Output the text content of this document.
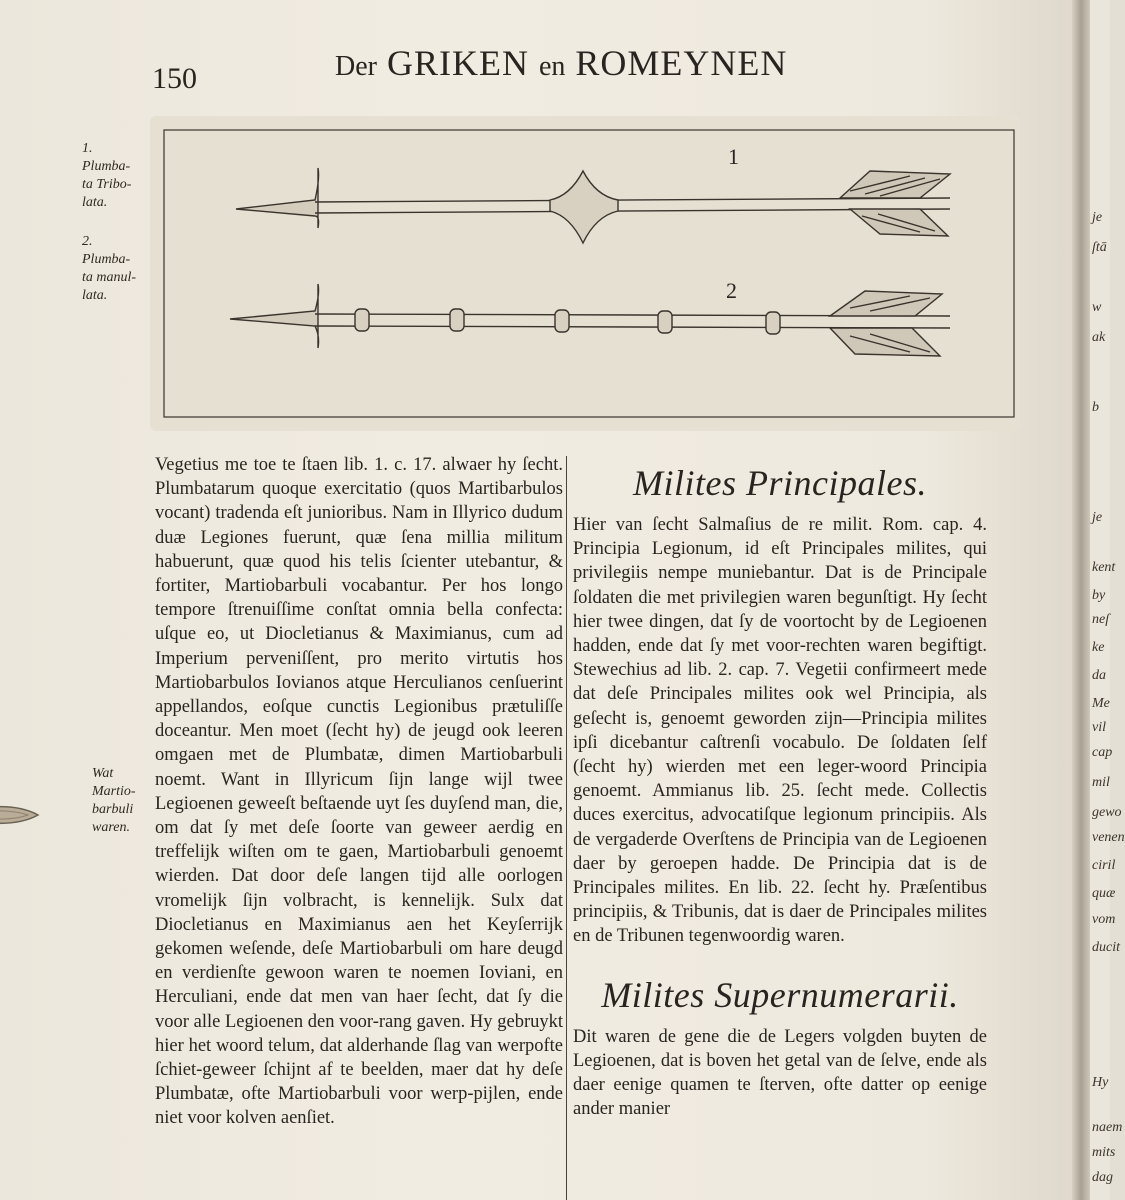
150	Der GRIKEN en ROMEYNEN
1
2
1.
Plumba-
ta Tribo-
lata.
2.
Plumba-
ta manul-
lata.
Wat
Martio-
barbuli
waren.

Vegetius me toe te ſtaen lib. 1. c. 17. alwaer hy ſecht. Plumbatarum quoque exercitatio (quos Martibarbulos vocant) tradenda eſt junioribus. Nam in Illyrico dudum duæ Legiones fuerunt, quæ ſena millia militum habuerunt, quæ quod his telis ſcienter utebantur, & fortiter, Martiobarbuli vocabantur. Per hos longo tempore ſtrenuiſſime conſtat omnia bella confecta: uſque eo, ut Diocletianus & Maximianus, cum ad Imperium perveniſſent, pro merito virtutis hos Martiobarbulos Iovianos atque Herculianos cenſuerint appellandos, eoſque cunctis Legionibus prætuliſſe doceantur. Men moet (ſecht hy) de jeugd ook leeren omgaen met de Plumbatæ, dimen Martiobarbuli noemt. Want in Illyricum ſijn lange wijl twee Legioenen geweeſt beſtaende uyt ſes duyſend man, die, om dat ſy met deſe ſoorte van geweer aerdig en treffelijk wiſten om te gaen, Martiobarbuli genoemt wierden. Dat door deſe langen tijd alle oorlogen vromelijk ſijn volbracht, is kennelijk. Sulx dat Diocletianus en Maximianus aen het Keyſerrijk gekomen weſende, deſe Martiobarbuli om hare deugd en verdienſte gewoon waren te noemen Ioviani, en Herculiani, ende dat men van haer ſecht, dat ſy die voor alle Legioenen den voor-rang gaven. Hy gebruykt hier het woord telum, dat alderhande ſlag van werpofte ſchiet-geweer ſchijnt af te beelden, maer dat hy deſe Plumbatæ, ofte Martiobarbuli voor werp-pijlen, ende niet voor kolven aenſiet.

Milites Principales.

Hier van ſecht Salmaſius de re milit. Rom. cap. 4. Principia Legionum, id eſt Principales milites, qui privilegiis nempe muniebantur. Dat is de Principale ſoldaten die met privilegien waren begunſtigt. Hy ſecht hier twee dingen, dat ſy de voortocht by de Legioenen hadden, ende dat ſy met voor-rechten waren begiftigt. Stewechius ad lib. 2. cap. 7. Vegetii confirmeert mede dat deſe Principales milites ook wel Principia, als geſecht is, genoemt geworden zijn—Principia milites ipſi dicebantur caſtrenſi vocabulo. De ſoldaten ſelf (ſecht hy) wierden met een leger-woord Principia genoemt. Ammianus lib. 25. ſecht mede. Collectis duces exercitus, advocatiſque legionum principiis. Als de vergaderde Overſtens de Principia van de Legioenen daer by geroepen hadde. De Principia dat is de Principales milites. En lib. 22. ſecht hy. Præſentibus principiis, & Tribunis, dat is daer de Principales milites en de Tribunen tegenwoordig waren.

Milites Supernumerarii.

Dit waren de gene die de Legers volgden buyten de Legioenen, dat is boven het getal van de ſelve, ende als daer eenige quamen te ſterven, ofte datter op eenige ander manier

je
ſtā
w
ak
b
je
kent
by
neſ
ke
da
Me
vil
cap
mil
gewo
venen
ciril
quæ
vom
ducit
Hy
naem
mits
dag
